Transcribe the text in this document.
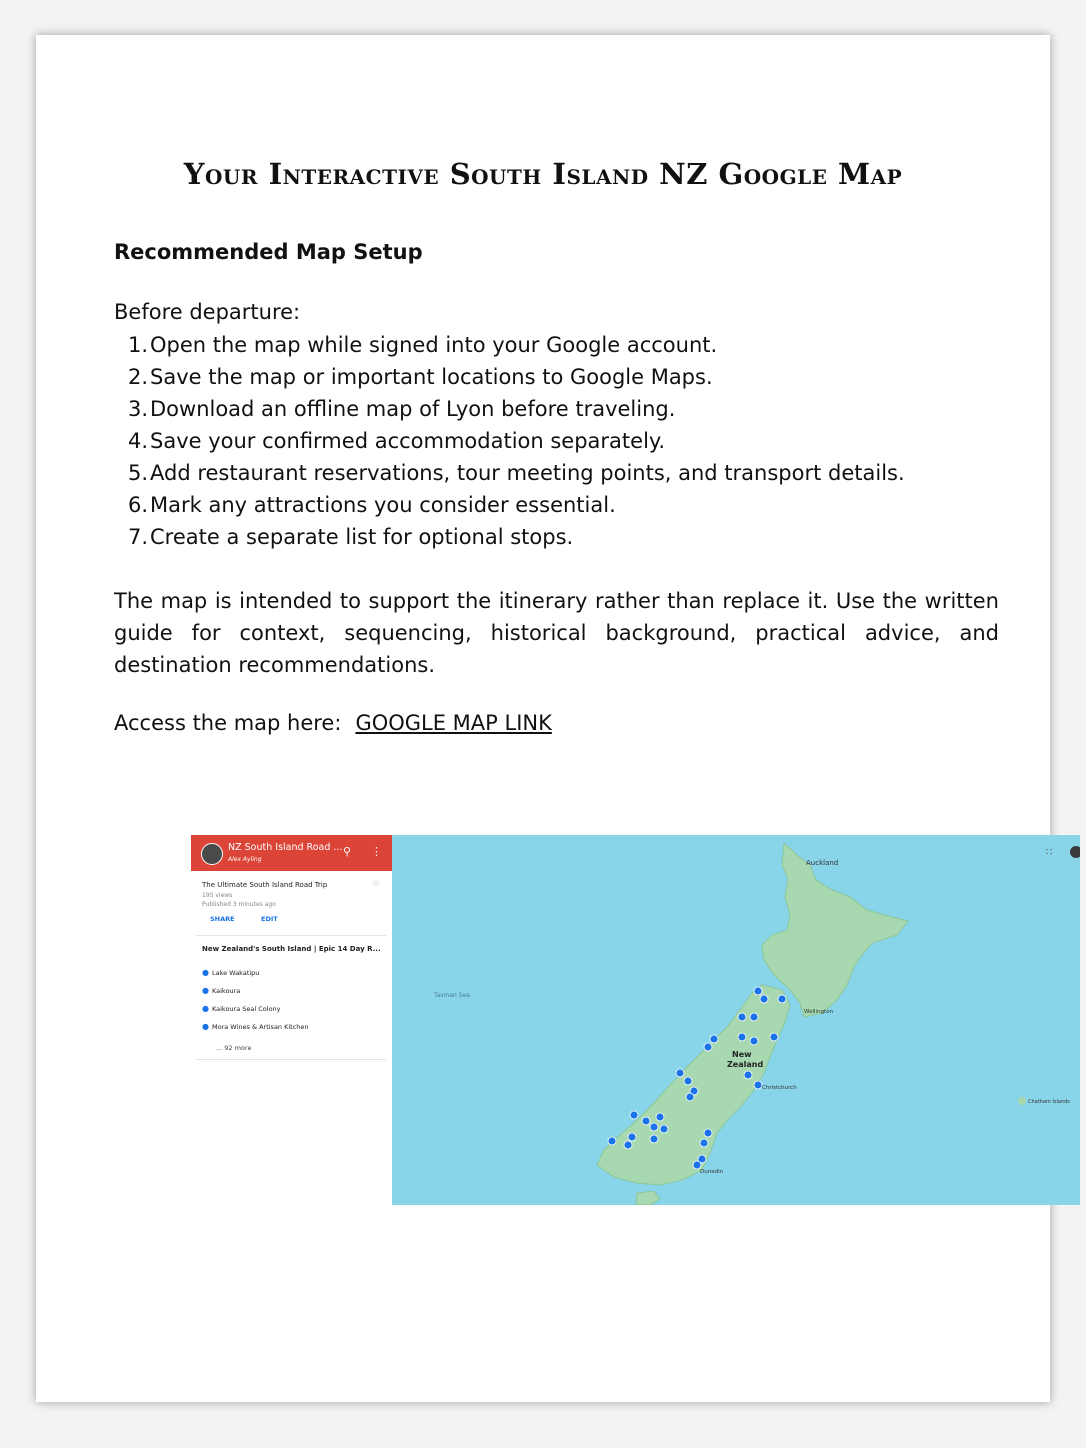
Your Interactive South Island NZ Google Map
Recommended Map Setup
Before departure:
1. Open the map while signed into your Google account.
2. Save the map or important locations to Google Maps.
3. Download an offline map of Lyon before traveling.
4. Save your confirmed accommodation separately.
5. Add restaurant reservations, tour meeting points, and transport details.
6. Mark any attractions you consider essential.
7. Create a separate list for optional stops.
The map is intended to support the itinerary rather than replace it. Use the written guide for context, sequencing, historical background, practical advice, and destination recommendations.
Access the map here: GOOGLE MAP LINK
NZ South Island Road ...
Alex Ayling
⚲ ⋮
The Ultimate South Island Road Trip	☆
195 views
Published 3 minutes ago
SHARE	EDIT
New Zealand's South Island | Epic 14 Day R...
● Lake Wakatipu
● Kaikoura
● Kaikoura Seal Colony
● Mora Wines & Artisan Kitchen
... 92 more
Tasman Sea
Auckland
Wellington
Christchurch
Dunedin
Chatham Islands
New
Zealand
∷
